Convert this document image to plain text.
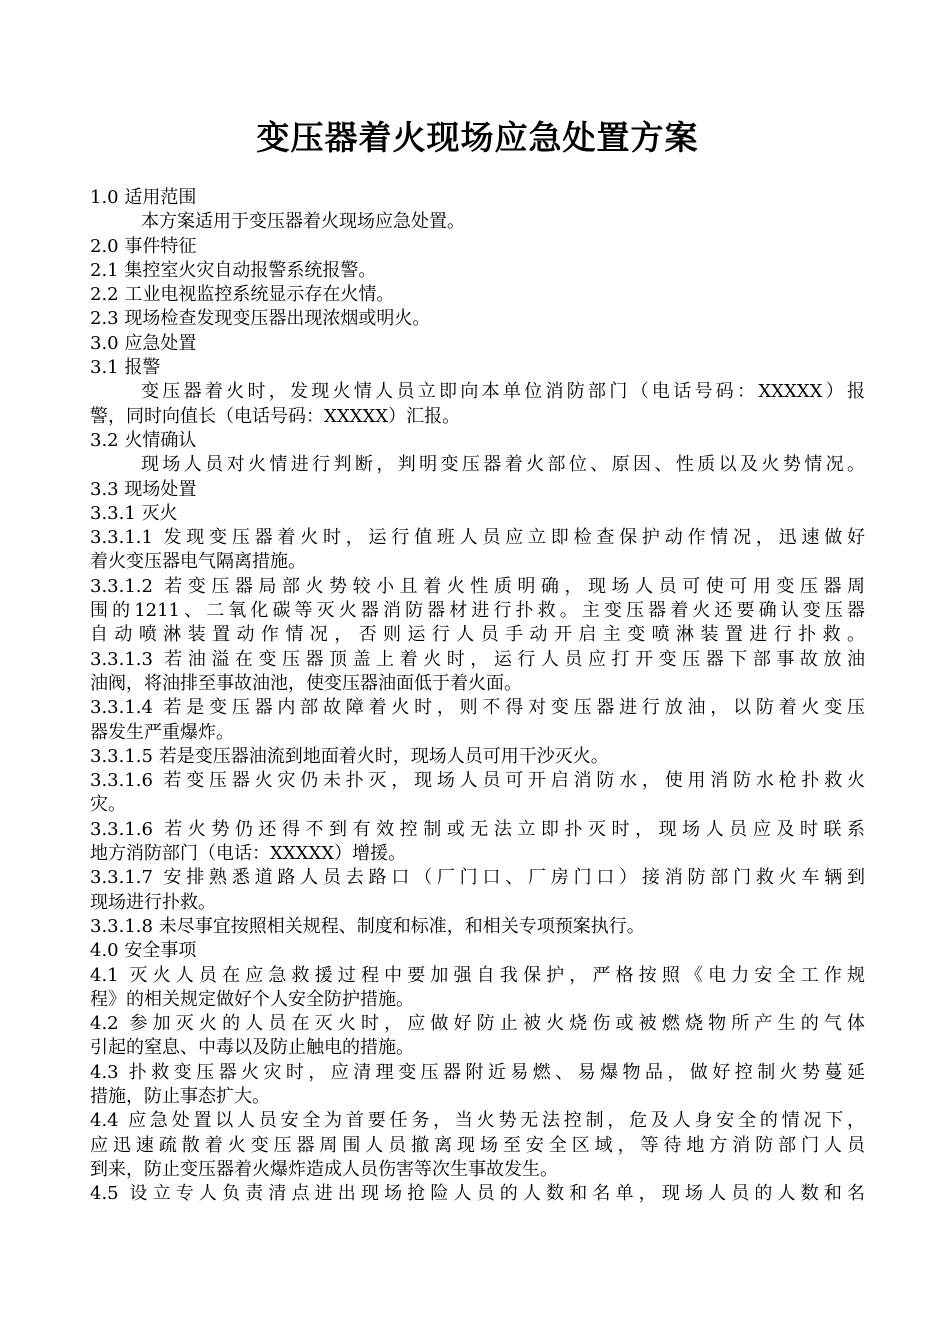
变压器着火现场应急处置方案
1.0 适用范围
本方案适用于变压器着火现场应急处置。
2.0 事件特征
2.1 集控室火灾自动报警系统报警。
2.2 工业电视监控系统显示存在火情。
2.3 现场检查发现变压器出现浓烟或明火。
3.0 应急处置
3.1 报警
变压器着火时，发现火情人员立即向本单位消防部门（电话号码：XXXXX）报
警，同时向值长（电话号码：XXXXX）汇报。
3.2 火情确认
现场人员对火情进行判断，判明变压器着火部位、原因、性质以及火势情况。
3.3 现场处置
3.3.1 灭火
3.3.1.1 发现变压器着火时，运行值班人员应立即检查保护动作情况，迅速做好
着火变压器电气隔离措施。
3.3.1.2 若变压器局部火势较小且着火性质明确，现场人员可使可用变压器周
围的1211、二氧化碳等灭火器消防器材进行扑救。主变压器着火还要确认变压器
自动喷淋装置动作情况，否则运行人员手动开启主变喷淋装置进行扑救。
3.3.1.3 若油溢在变压器顶盖上着火时，运行人员应打开变压器下部事故放油
油阀，将油排至事故油池，使变压器油面低于着火面。
3.3.1.4 若是变压器内部故障着火时，则不得对变压器进行放油，以防着火变压
器发生严重爆炸。
3.3.1.5 若是变压器油流到地面着火时，现场人员可用干沙灭火。
3.3.1.6 若变压器火灾仍未扑灭，现场人员可开启消防水，使用消防水枪扑救火
灾。
3.3.1.6 若火势仍还得不到有效控制或无法立即扑灭时，现场人员应及时联系
地方消防部门（电话：XXXXX）增援。
3.3.1.7 安排熟悉道路人员去路口（厂门口、厂房门口）接消防部门救火车辆到
现场进行扑救。
3.3.1.8 未尽事宜按照相关规程、制度和标准，和相关专项预案执行。
4.0 安全事项
4.1 灭火人员在应急救援过程中要加强自我保护，严格按照《电力安全工作规
程》的相关规定做好个人安全防护措施。
4.2 参加灭火的人员在灭火时，应做好防止被火烧伤或被燃烧物所产生的气体
引起的窒息、中毒以及防止触电的措施。
4.3 扑救变压器火灾时，应清理变压器附近易燃、易爆物品，做好控制火势蔓延
措施，防止事态扩大。
4.4 应急处置以人员安全为首要任务，当火势无法控制，危及人身安全的情况下，
应迅速疏散着火变压器周围人员撤离现场至安全区域，等待地方消防部门人员
到来，防止变压器着火爆炸造成人员伤害等次生事故发生。
4.5 设立专人负责清点进出现场抢险人员的人数和名单，现场人员的人数和名
